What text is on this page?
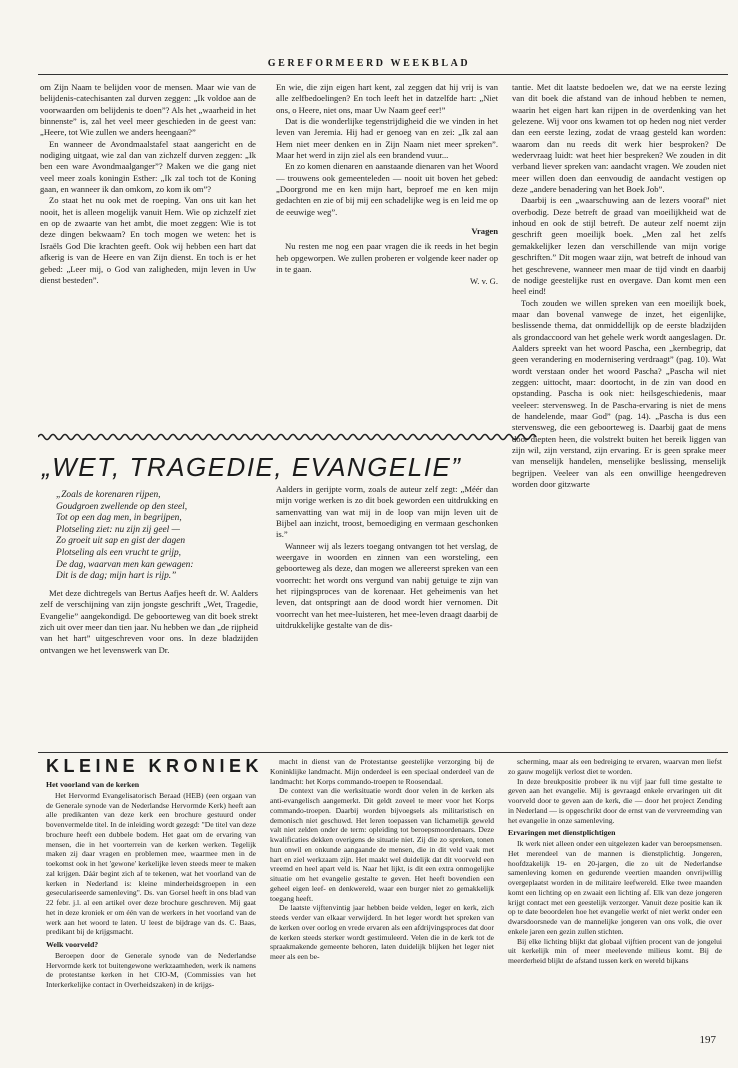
GEREFORMEERD WEEKBLAD

om Zijn Naam te belijden voor de mensen. Maar wie van de belijdenis-catechisanten zal durven zeggen: „Ik voldoe aan de voorwaarden om belijdenis te doen”? Als het „waarheid in het binnenste” is, zal het veel meer geschieden in de geest van: „Heere, tot Wie zullen we anders heengaan?”

En wanneer de Avondmaalstafel staat aangericht en de nodiging uitgaat, wie zal dan van zichzelf durven zeggen: „Ik ben een ware Avondmaalganger”? Maken we die gang niet veel meer zoals koningin Esther: „Ik zal toch tot de Koning gaan, en wanneer ik dan omkom, zo kom ik om”?

Zo staat het nu ook met de roeping. Van ons uit kan het nooit, het is alleen mogelijk vanuit Hem. Wie op zichzelf ziet en op de zwaarte van het ambt, die moet zeggen: Wie is tot deze dingen bekwaam? En toch mogen we weten: het is Israëls God Die krachten geeft. Ook wij hebben een hart dat afkerig is van de Heere en van Zijn dienst. En toch is er het gebed: „Leer mij, o God van zaligheden, mijn leven in Uw dienst besteden”.

En wie, die zijn eigen hart kent, zal zeggen dat hij vrij is van alle zelfbedoelingen? En toch leeft het in datzelfde hart: „Niet ons, o Heere, niet ons, maar Uw Naam geef eer!”

Dat is die wonderlijke tegenstrijdigheid die we vinden in het leven van Jeremia. Hij had er genoeg van en zei: „Ik zal aan Hem niet meer denken en in Zijn Naam niet meer spreken”. Maar het werd in zijn ziel als een brandend vuur...

En zo komen dienaren en aanstaande dienaren van het Woord — trouwens ook gemeenteleden — nooit uit boven het gebed: „Doorgrond me en ken mijn hart, beproef me en ken mijn gedachten en zie of bij mij een schadelijke weg is en leid me op de eeuwige weg”.

Vragen

Nu resten me nog een paar vragen die ik reeds in het begin heb opgeworpen. We zullen proberen er volgende keer nader op in te gaan.

W. v. G.

tantie. Met dit laatste bedoelen we, dat we na eerste lezing van dit boek die afstand van de inhoud hebben te nemen, waarin het eigen hart kan rijpen in de overdenking van het gelezene. Wij voor ons kwamen tot op heden nog niet verder dan een eerste lezing, zodat de vraag gesteld kan worden: waarom dan nu reeds dit werk hier besproken? De wedervraag luidt: wat heet hier bespreken? We zouden in dit verband liever spreken van: aandacht vragen. We zouden niet meer willen doen dan eenvoudig de aandacht vestigen op deze „andere benadering van het Boek Job”.

Daarbij is een „waarschuwing aan de lezers vooraf” niet overbodig. Deze betreft de graad van moeilijkheid wat de inhoud en ook de stijl betreft. De auteur zelf noemt zijn geschrift geen moeilijk boek. „Men zal het zelfs gemakkelijker lezen dan verschillende van mijn vorige geschriften.” Dit mogen waar zijn, wat betreft de inhoud van het geschrevene, wanneer men maar de tijd vindt en daarbij de nodige geestelijke rust en overgave. Dan komt men een heel eind!

Toch zouden we willen spreken van een moeilijk boek, maar dan bovenal vanwege de inzet, het eigenlijke, beslissende thema, dat onmiddellijk op de eerste bladzijden als grondaccoord van het gehele werk wordt aangeslagen. Dr. Aalders spreekt van het woord Pascha, een „kernbegrip, dat geen verandering en modernisering verdraagt” (pag. 10). Wat wordt verstaan onder het woord Pascha? „Pascha wil niet zeggen: uittocht, maar: doortocht, in de zin van dood en opstanding. Pascha is ook niet: heilsgeschiedenis, maar veeleer: stervensweg. In de Pascha-ervaring is niet de mens de handelende, maar God” (pag. 14). „Pascha is dus een stervensweg, die een geboorteweg is. Daarbij gaat de mens door diepten heen, die volstrekt buiten het bereik liggen van zijn wil, zijn verstand, zijn ervaring. Er is geen sprake meer van menselijk handelen, menselijke beslissing, menselijk begrijpen. Veeleer van als een onwillige heengedreven worden door gitzwarte

„WET, TRAGEDIE, EVANGELIE”
„Zoals de korenaren rijpen,
Goudgroen zwellende op den steel,
Tot op een dag men, in begrijpen,
Plotseling ziet: nu zijn zij geel —
Zo groeit uit sap en gist der dagen
Plotseling als een vrucht te grijp,
De dag, waarvan men kan gewagen:
Dit is de dag; mijn hart is rijp.”

Met deze dichtregels van Bertus Aafjes heeft dr. W. Aalders zelf de verschijning van zijn jongste geschrift „Wet, Tragedie, Evangelie” aangekondigd. De geboorteweg van dit boek strekt zich uit over meer dan tien jaar. Nu hebben we dan „de rijpheid van het hart” uitgeschreven voor ons. In deze bladzijden ontvangen we het levenswerk van Dr.

Aalders in gerijpte vorm, zoals de auteur zelf zegt: „Méér dan mijn vorige werken is zo dit boek geworden een uitdrukking en samenvatting van wat mij in de loop van mijn leven uit de Bijbel aan inzicht, troost, bemoediging en vermaan geschonken is.”

Wanneer wij als lezers toegang ontvangen tot het verslag, de weergave in woorden en zinnen van een worsteling, een geboorteweg als deze, dan mogen we allereerst spreken van een voorrecht: het wordt ons vergund van nabij getuige te zijn van het rijpingsproces van de korenaar. Het geheimenis van het leven, dat ontspringt aan de dood wordt hier vernomen. Dit voorrecht van het mee-luisteren, het mee-leven draagt daarbij de uitdrukkelijke gestalte van de dis-

KLEINE KRONIEK
Het voorland van de kerken

Het Hervormd Evangelisatorisch Beraad (HEB) (een orgaan van de Generale synode van de Nederlandse Hervormde Kerk) heeft aan alle predikanten van deze kerk een brochure gestuurd onder bovenvermelde titel. In de inleiding wordt gezegd: "De titel van deze brochure heeft een dubbele bodem. Het gaat om de ervaring van mensen, die in het voorterrein van de kerken werken. Tegelijk maken zij daar vragen en problemen mee, waarmee men in de toekomst ook in het 'gewone' kerkelijke leven steeds meer te maken zal krijgen. Dáár begint zich af te tekenen, wat het voorland van de kerken in Nederland is: kleine minderheidsgroepen in een geseculariseerde samenleving". Ds. van Gorsel heeft in ons blad van 22 febr. j.l. al een artikel over deze brochure geschreven. Mij gaat het in deze kroniek er om één van de werkers in het voorland van de werk aan het woord te laten. U leest de bijdrage van ds. C. Baas, predikant bij de krijgsmacht.

Welk voorveld?

Beroepen door de Generale synode van de Nederlandse Hervormde kerk tot buitengewone werkzaamheden, werk ik namens de protestantse kerken in het CIO-M, (Commissies van het Interkerkelijke contact in Overheidszaken) in de krijgs-

macht in dienst van de Protestantse geestelijke verzorging bij de Koninklijke landmacht. Mijn onderdeel is een speciaal onderdeel van de landmacht: het Korps commando-troepen te Roosendaal.

De context van die werksituatie wordt door velen in de kerken als anti-evangelisch aangemerkt. Dit geldt zoveel te meer voor het Korps commando-troepen. Daarbij worden bijvoegsels als militaristisch en demonisch niet geschuwd. Het leren toepassen van lichamelijk geweld valt niet zelden onder de term: opleiding tot beroepsmoordenaars. Deze kwalificaties dekken overigens de situatie niet. Zij die zo spreken, tonen hun onwil en onkunde aangaande de mensen, die in dit veld vaak met hart en ziel werkzaam zijn. Het maakt wel duidelijk dat dit voorveld een vreemd en heel apart veld is. Naar het lijkt, is dit een extra onmogelijke situatie om het evangelie gestalte te geven. Het heeft bovendien een geheel eigen leef- en denkwereld, waar een burger niet zo gemakkelijk toegang heeft.

De laatste vijftenvintig jaar hebben beide velden, leger en kerk, zich steeds verder van elkaar verwijderd. In het leger wordt het spreken van de kerken over oorlog en vrede ervaren als een afdrijvingsproces dat door de kerken steeds sterker wordt gestimuleerd. Velen die in de kerk tot de spraakmakende gemeente behoren, laten duidelijk blijken het leger niet meer als een be-

scherming, maar als een bedreiging te ervaren, waarvan men liefst zo gauw mogelijk verlost diet te worden.

In deze breukpositie probeer ik nu vijf jaar full time gestalte te geven aan het evangelie. Mij is gevraagd enkele ervaringen uit dit voorveld door te geven aan de kerk, die — door het project Zending in Nederland — is opgeschrikt door de ernst van de vervreemding van het evangelie in onze samenleving.

Ervaringen met dienstplichtigen

Ik werk niet alleen onder een uitgelezen kader van beroepsmensen. Het merendeel van de mannen is dienstplichtig. Jongeren, hoofdzakelijk 19- en 20-jargen, die zo uit de Nederlandse samenleving komen en gedurende veertien maanden onvrijwillig overgeplaatst worden in de militaire leefwereld. Elke twee maanden komt een lichting op en zwaait een lichting af. Elk van deze jongeren krijgt contact met een geestelijk verzorger. Vanuit deze positie kan ik op te date beoordelen hoe het evangelie werkt of niet werkt onder een dwarsdoorsnede van de mannelijke jongeren van ons volk, die over enkele jaren een gezin zullen stichten.

Bij elke lichting blijkt dat globaal vijftien procent van de jongelui uit kerkelijk min of meer meelevende milieus komt. Bij de meerderheid blijkt de afstand tussen kerk en wereld bijkans

197
